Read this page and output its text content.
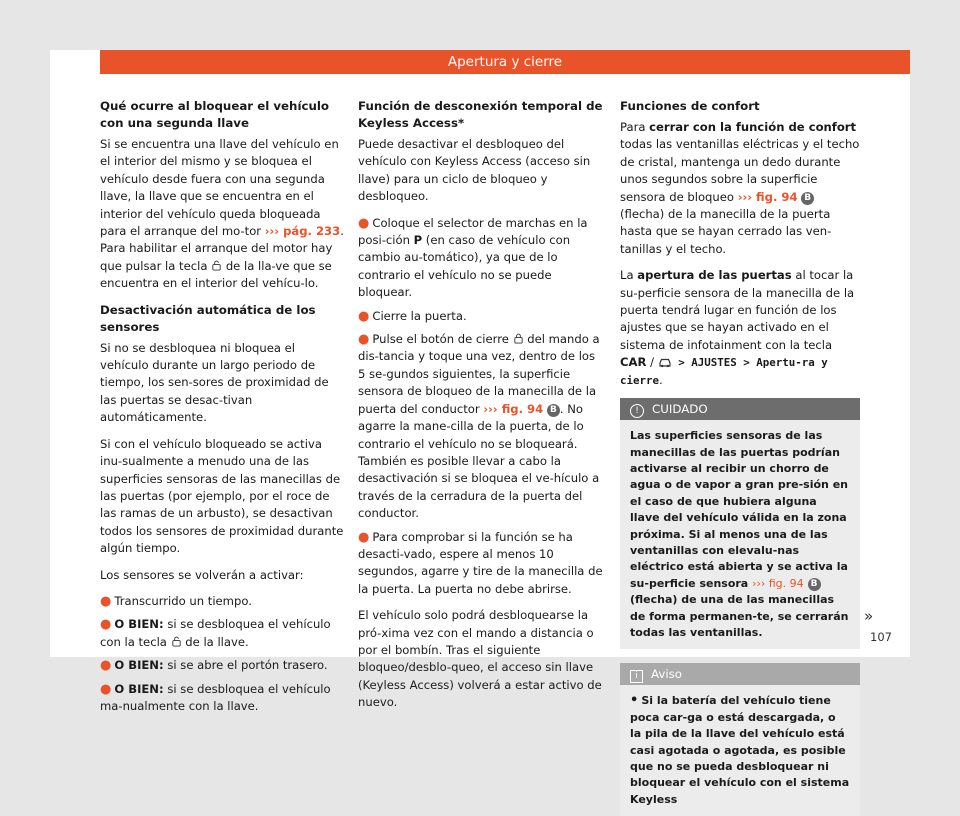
Apertura y cierre
Qué ocurre al bloquear el vehículo con una segunda llave

Si se encuentra una llave del vehículo en el interior del mismo y se bloquea el vehículo desde fuera con una segunda llave, la llave que se encuentra en el interior del vehículo queda bloqueada para el arranque del mo-tor ››› pág. 233. Para habilitar el arranque del motor hay que pulsar la tecla  de la lla-ve que se encuentra en el interior del vehícu-lo.

Desactivación automática de los sensores

Si no se desbloquea ni bloquea el vehículo durante un largo periodo de tiempo, los sen-sores de proximidad de las puertas se desac-tivan automáticamente.

Si con el vehículo bloqueado se activa inu-sualmente a menudo una de las superficies sensoras de las manecillas de las puertas (por ejemplo, por el roce de las ramas de un arbusto), se desactivan todos los sensores de proximidad durante algún tiempo.

Los sensores se volverán a activar:

● Transcurrido un tiempo.
● O BIEN: si se desbloquea el vehículo con la tecla  de la llave.
● O BIEN: si se abre el portón trasero.
● O BIEN: si se desbloquea el vehículo ma-nualmente con la llave.
Función de desconexión temporal de Keyless Access*

Puede desactivar el desbloqueo del vehículo con Keyless Access (acceso sin llave) para un ciclo de bloqueo y desbloqueo.

● Coloque el selector de marchas en la posi-ción P (en caso de vehículo con cambio au-tomático), ya que de lo contrario el vehículo no se puede bloquear.
● Cierre la puerta.
● Pulse el botón de cierre  del mando a dis-tancia y toque una vez, dentro de los 5 se-gundos siguientes, la superficie sensora de bloqueo de la manecilla de la puerta del conductor ››› fig. 94 B . No agarre la mane-cilla de la puerta, de lo contrario el vehículo no se bloqueará. También es posible llevar a cabo la desactivación si se bloquea el ve-hículo a través de la cerradura de la puerta del conductor.
● Para comprobar si la función se ha desacti-vado, espere al menos 10 segundos, agarre y tire de la manecilla de la puerta. La puerta no debe abrirse.

El vehículo solo podrá desbloquearse la pró-xima vez con el mando a distancia o por el bombín. Tras el siguiente bloqueo/desblo-queo, el acceso sin llave (Keyless Access) volverá a estar activo de nuevo.

Funciones de confort

Para cerrar con la función de confort todas las ventanillas eléctricas y el techo de cristal, mantenga un dedo durante unos segundos sobre la superficie sensora de bloqueo ››› fig. 94 B (flecha) de la manecilla de la puerta hasta que se hayan cerrado las ven-tanillas y el techo.

La apertura de las puertas al tocar la su-perficie sensora de la manecilla de la puerta tendrá lugar en función de los ajustes que se hayan activado en el sistema de infotainment con la tecla CAR /  > AJUSTES > Apertu-ra y cierre.

! CUIDADO
Las superficies sensoras de las manecillas de las puertas podrían activarse al recibir un chorro de agua o de vapor a gran pre-sión en el caso de que hubiera alguna llave del vehículo válida en la zona próxima. Si al menos una de las ventanillas con elevalu-nas eléctrico está abierta y se activa la su-perficie sensora ››› fig. 94 B (flecha) de una de las manecillas de forma permanen-te, se cerrarán todas las ventanillas.
i Aviso
• Si la batería del vehículo tiene poca car-ga o está descargada, o la pila de la llave del vehículo está casi agotada o agotada, es posible que no se pueda desbloquear ni bloquear el vehículo con el sistema Keyless
»
107
